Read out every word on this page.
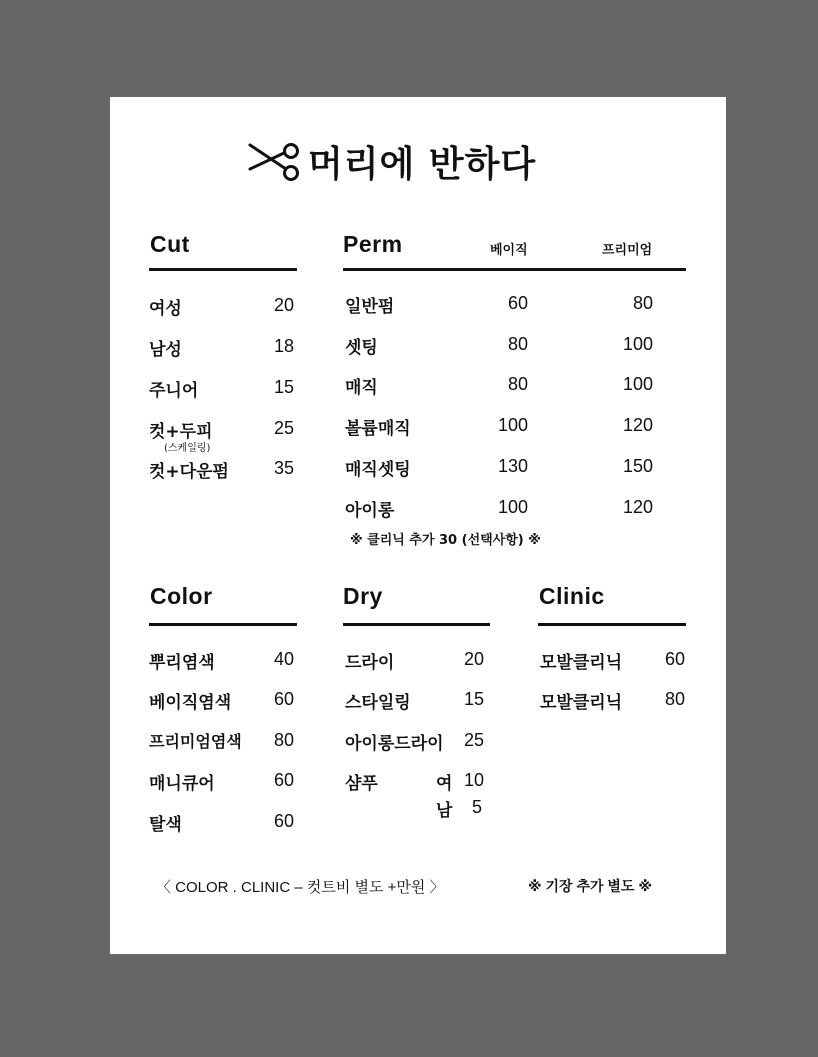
머리에 반하다
Cut
여성	20
남성	18
주니어	15
컷+두피	25
(스케일링)
컷+다운펌	35
Perm	베이직	프리미엄
일반펌	60	80
셋팅	80	100
매직	80	100
볼륨매직	100	120
매직셋팅	130	150
아이롱	100	120
※ 클리닉 추가 30 (선택사항) ※
Color
뿌리염색	40
베이직염색	60
프리미엄염색	80
매니큐어	60
탈색	60
Dry
드라이	20
스타일링	15
아이롱드라이	25
샴푸	여 10
남	5
Clinic
모발클리닉	60
모발클리닉	80
〈 COLOR . CLINIC – 컷트비 별도 +만원 〉	※ 기장 추가 별도 ※
